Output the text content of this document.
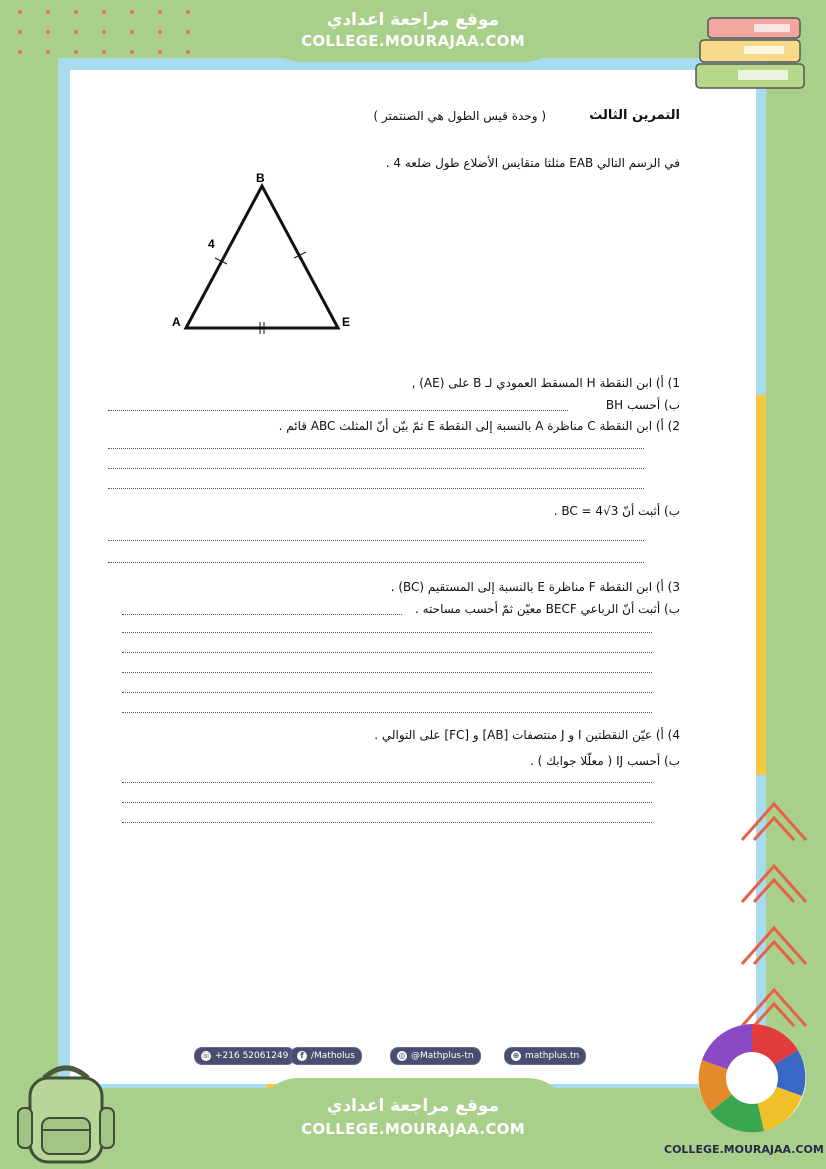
موقع مراجعة اعدادي
COLLEGE.MOURAJAA.COM
التمرين الثالث
( وحدة قيس الطول هي الصنتمتر )
في الرسم التالي EAB مثلثا متقايس الأضلاع طول ضلعه 4 .
B
A	E
4
1) أ) ابن النقطة H المسقط العمودي لـ B على (AE) ,
ب) أحسب BH
2) أ) ابن النقطة C مناظرة A بالنسبة إلى النقطة E ثمّ بيّن أنّ المثلث ABC قائم .
ب) أثبت أنّ BC = 4√3 .
3) أ) ابن النقطة F مناظرة E بالنسبة إلى المستقيم (BC) .
ب) أثبت أنّ الرباعي BECF معيّن ثمّ أحسب مساحته .
4) أ) عيّن النقطتين I و J منتصفات [AB] و [FC] على التوالي .
ب) أحسب IJ ( معلّلا جوابك ) .
☏ +216 52061249	f /Matholus	◎ @Mathplus-tn	⊕ mathplus.tn
موقع مراجعة اعدادي
COLLEGE.MOURAJAA.COM
COLLEGE.MOURAJAA.COM
